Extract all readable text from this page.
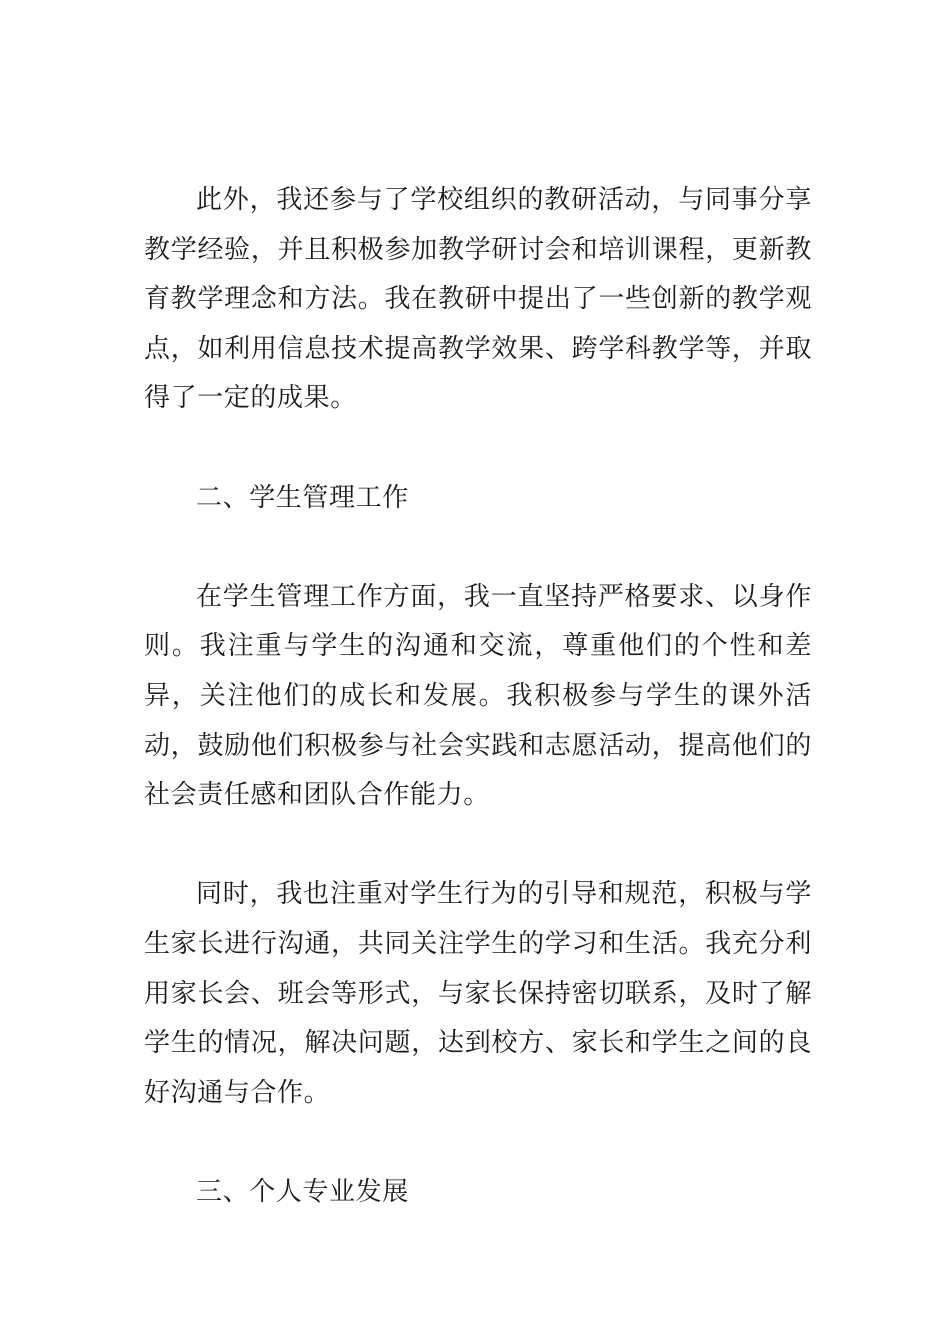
此外，我还参与了学校组织的教研活动，与同事分享教学经验，并且积极参加教学研讨会和培训课程，更新教育教学理念和方法。我在教研中提出了一些创新的教学观点，如利用信息技术提高教学效果、跨学科教学等，并取得了一定的成果。

二、学生管理工作

在学生管理工作方面，我一直坚持严格要求、以身作则。我注重与学生的沟通和交流，尊重他们的个性和差异，关注他们的成长和发展。我积极参与学生的课外活动，鼓励他们积极参与社会实践和志愿活动，提高他们的社会责任感和团队合作能力。

同时，我也注重对学生行为的引导和规范，积极与学生家长进行沟通，共同关注学生的学习和生活。我充分利用家长会、班会等形式，与家长保持密切联系，及时了解学生的情况，解决问题，达到校方、家长和学生之间的良好沟通与合作。

三、个人专业发展
